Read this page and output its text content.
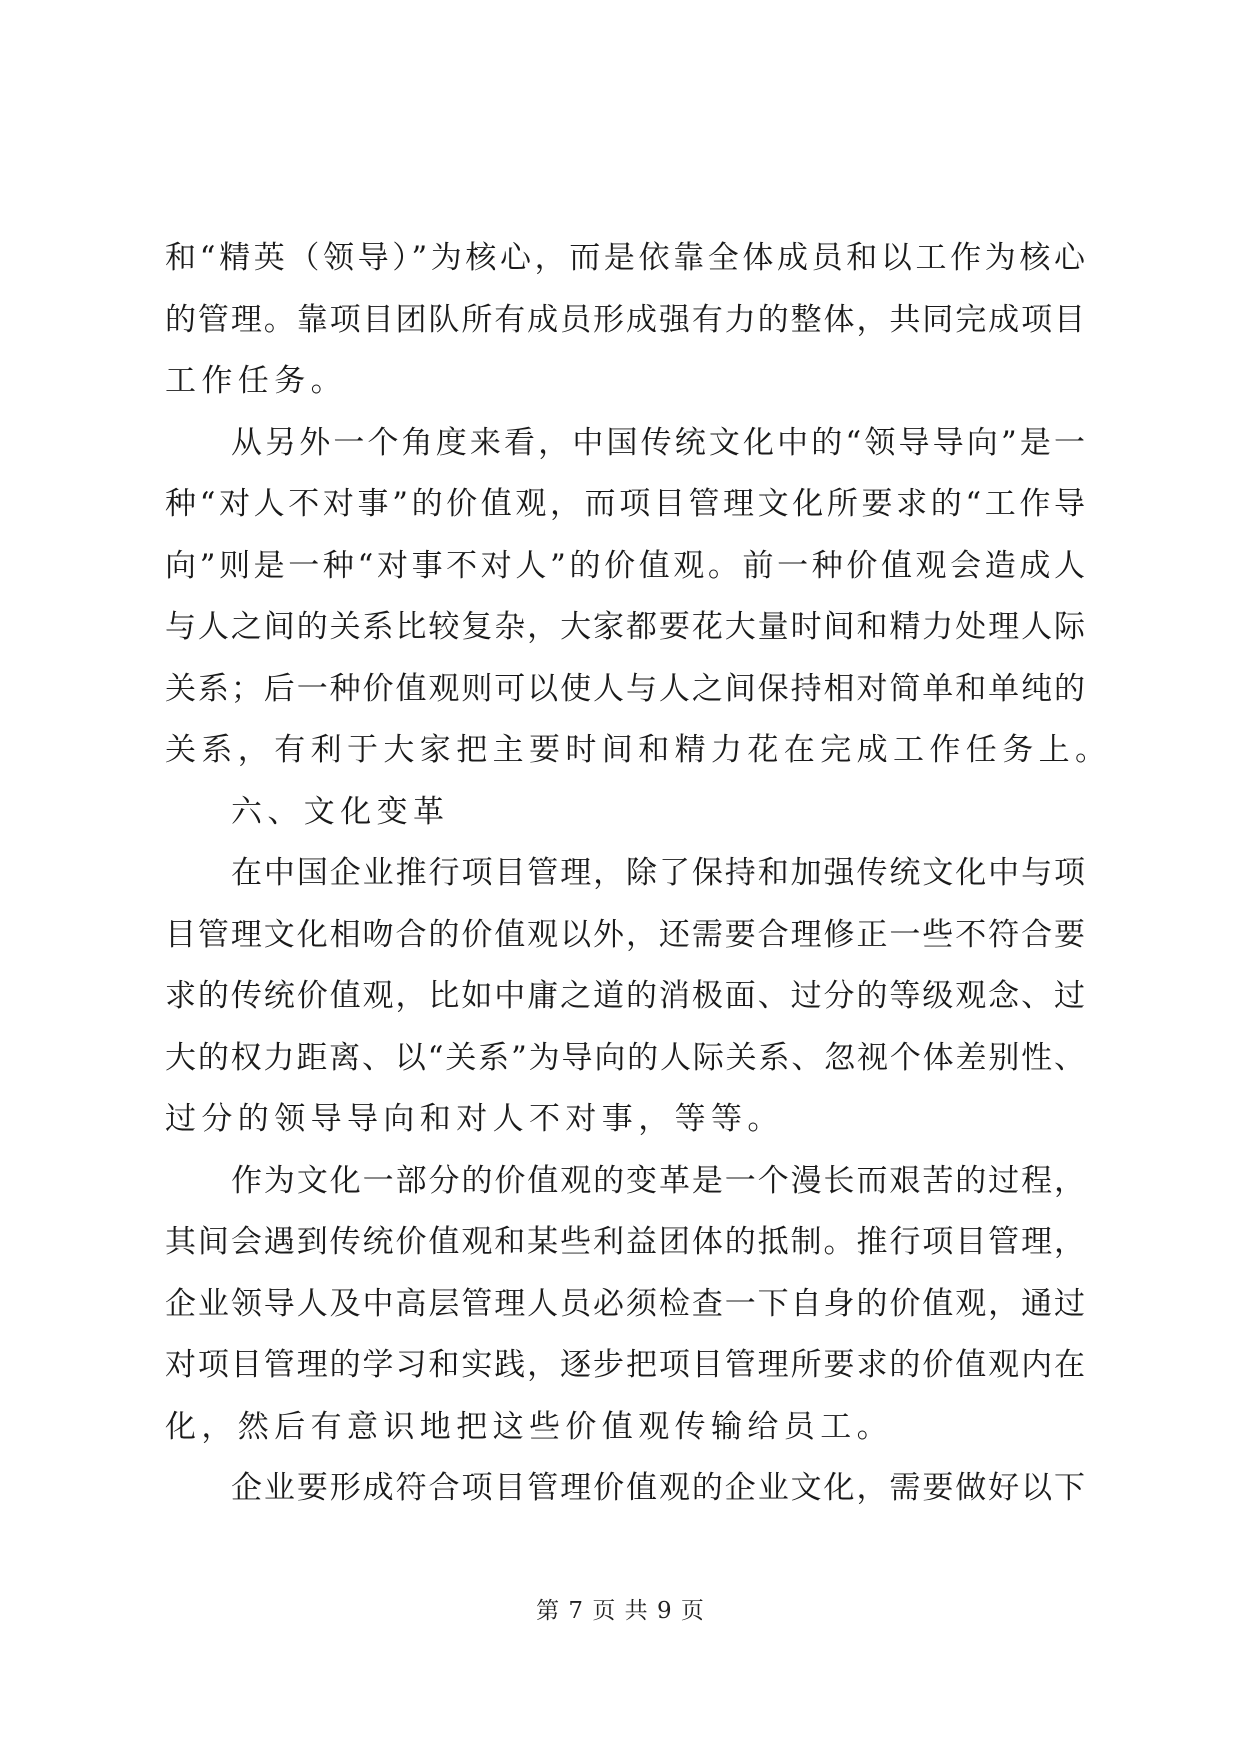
和“精英（领导）”为核心，而是依靠全体成员和以工作为核心
的管理。靠项目团队所有成员形成强有力的整体，共同完成项目
工作任务。
从另外一个角度来看，中国传统文化中的“领导导向”是一
种“对人不对事”的价值观，而项目管理文化所要求的“工作导
向”则是一种“对事不对人”的价值观。前一种价值观会造成人
与人之间的关系比较复杂，大家都要花大量时间和精力处理人际
关系；后一种价值观则可以使人与人之间保持相对简单和单纯的
关系，有利于大家把主要时间和精力花在完成工作任务上。
六、文化变革
在中国企业推行项目管理，除了保持和加强传统文化中与项
目管理文化相吻合的价值观以外，还需要合理修正一些不符合要
求的传统价值观，比如中庸之道的消极面、过分的等级观念、过
大的权力距离、以“关系”为导向的人际关系、忽视个体差别性、
过分的领导导向和对人不对事，等等。
作为文化一部分的价值观的变革是一个漫长而艰苦的过程，
其间会遇到传统价值观和某些利益团体的抵制。推行项目管理，
企业领导人及中高层管理人员必须检查一下自身的价值观，通过
对项目管理的学习和实践，逐步把项目管理所要求的价值观内在
化，然后有意识地把这些价值观传输给员工。
企业要形成符合项目管理价值观的企业文化，需要做好以下
第 7 页 共 9 页
